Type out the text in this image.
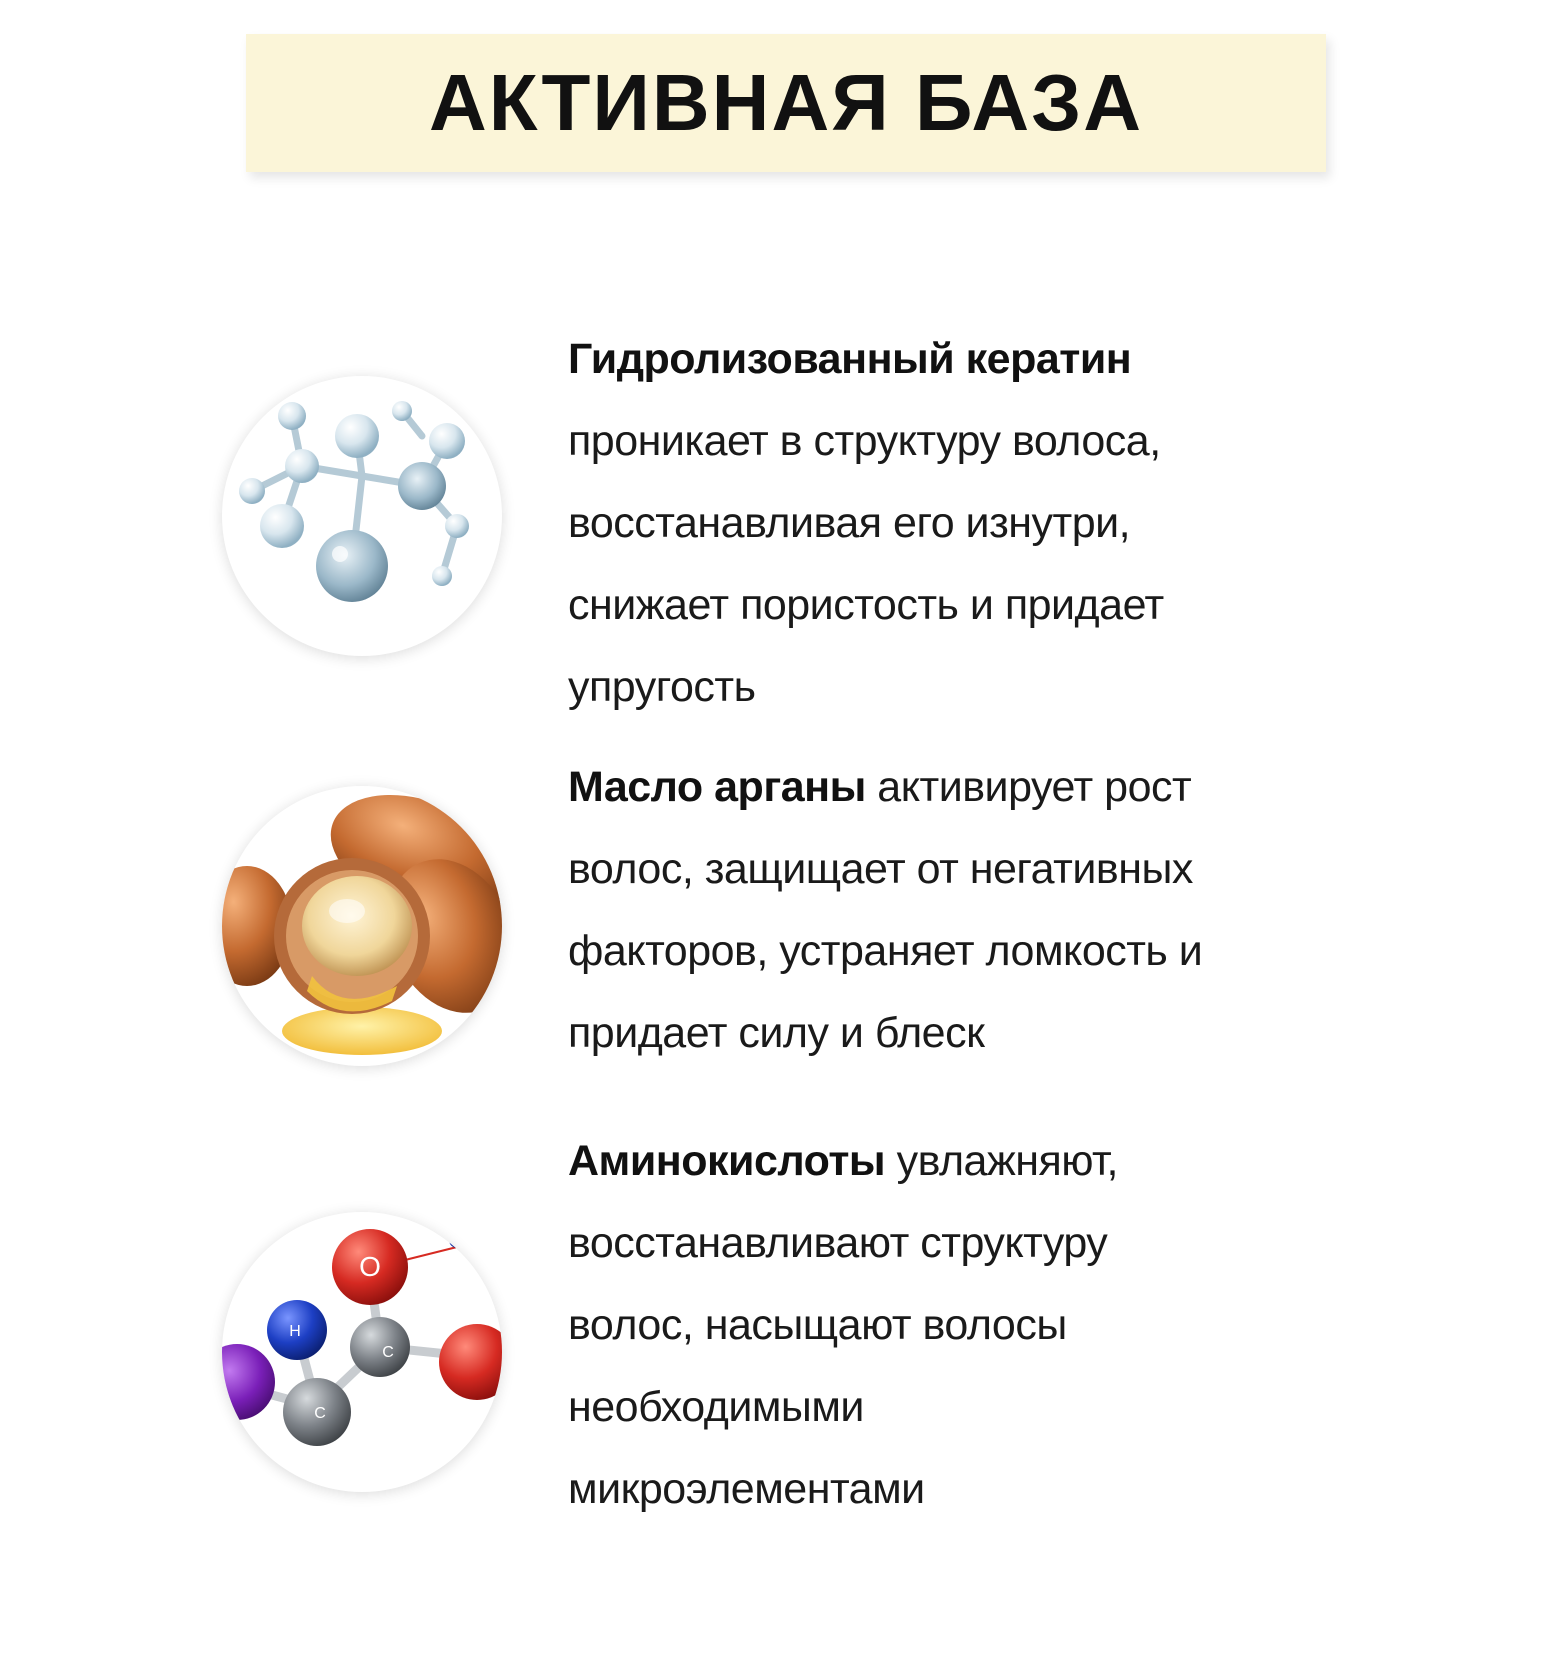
АКТИВНАЯ БАЗА
Гидролизованный кератин
проникает в структуру волоса,
восстанавливая его изнутри,
снижает пористость и придает
упругость
Масло арганы активирует рост
волос, защищает от негативных
факторов, устраняет ломкость и
придает силу и блеск
O
H
C
C
Аминокислоты увлажняют,
восстанавливают структуру
волос, насыщают волосы
необходимыми
микроэлементами
